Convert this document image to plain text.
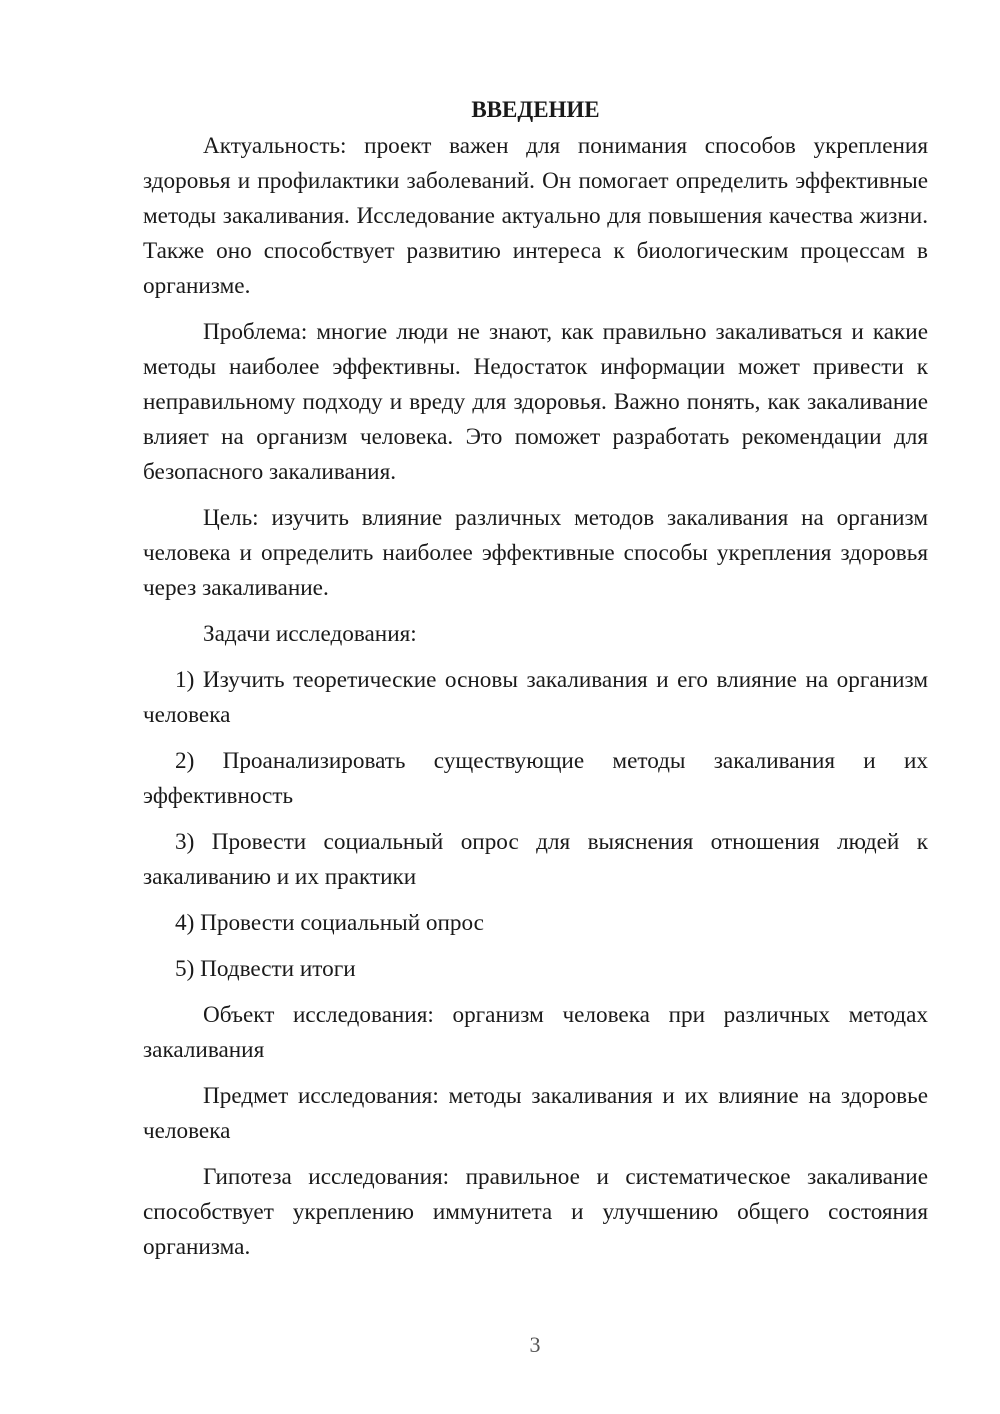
ВВЕДЕНИЕ

Актуальность: проект важен для понимания способов укрепления здоровья и профилактики заболеваний. Он помогает определить эффективные методы закаливания. Исследование актуально для повышения качества жизни. Также оно способствует развитию интереса к биологическим процессам в организме.

Проблема: многие люди не знают, как правильно закаливаться и какие методы наиболее эффективны. Недостаток информации может привести к неправильному подходу и вреду для здоровья. Важно понять, как закаливание влияет на организм человека. Это поможет разработать рекомендации для безопасного закаливания.

Цель: изучить влияние различных методов закаливания на организм человека и определить наиболее эффективные способы укрепления здоровья через закаливание.

Задачи исследования:

1) Изучить теоретические основы закаливания и его влияние на организм человека

2) Проанализировать существующие методы закаливания и их эффективность

3) Провести социальный опрос для выяснения отношения людей к закаливанию и их практики

4) Провести социальный опрос

5) Подвести итоги

Объект исследования: организм человека при различных методах закаливания

Предмет исследования: методы закаливания и их влияние на здоровье человека

Гипотеза исследования: правильное и систематическое закаливание способствует укреплению иммунитета и улучшению общего состояния организма.

3
